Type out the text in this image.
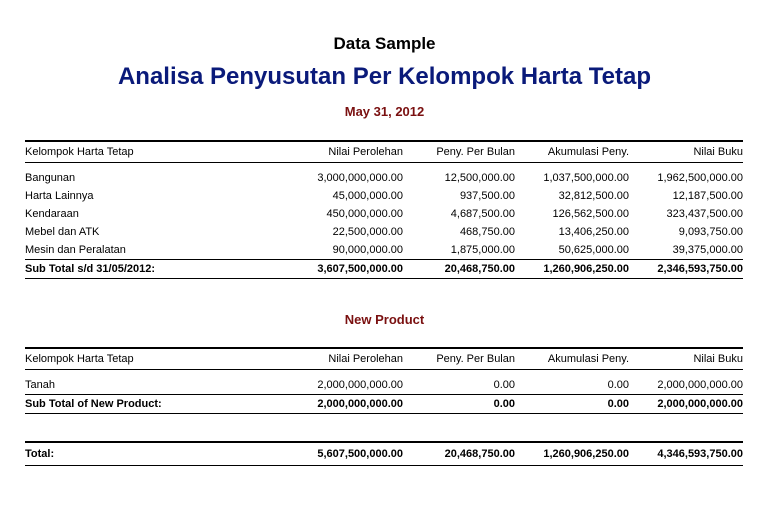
Data Sample
Analisa Penyusutan Per Kelompok Harta Tetap
May 31, 2012
Kelompok Harta Tetap	Nilai Perolehan	Peny. Per Bulan	Akumulasi Peny.	Nilai Buku

Bangunan	3,000,000,000.00	12,500,000.00	1,037,500,000.00	1,962,500,000.00
Harta Lainnya	45,000,000.00	937,500.00	32,812,500.00	12,187,500.00
Kendaraan	450,000,000.00	4,687,500.00	126,562,500.00	323,437,500.00
Mebel dan ATK	22,500,000.00	468,750.00	13,406,250.00	9,093,750.00
Mesin dan Peralatan	90,000,000.00	1,875,000.00	50,625,000.00	39,375,000.00
Sub Total s/d 31/05/2012:	3,607,500,000.00	20,468,750.00	1,260,906,250.00	2,346,593,750.00
New Product
Kelompok Harta Tetap	Nilai Perolehan	Peny. Per Bulan	Akumulasi Peny.	Nilai Buku

Tanah	2,000,000,000.00	0.00	0.00	2,000,000,000.00
Sub Total of New Product:	2,000,000,000.00	0.00	0.00	2,000,000,000.00
Total:	5,607,500,000.00	20,468,750.00	1,260,906,250.00	4,346,593,750.00
